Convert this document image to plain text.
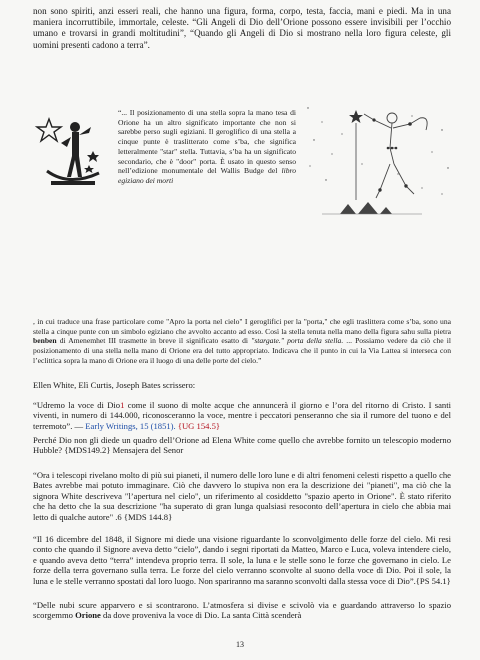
non sono spiriti, anzi esseri reali, che hanno una figura, forma, corpo, testa, faccia, mani e piedi. Ma in una maniera incorruttibile, immortale, celeste. “Gli Angeli di Dio dell’Orione possono essere invisibili per l’occhio umano e trovarsi in grandi moltitudini”, “Quando gli Angeli di Dio si mostrano nella loro figura celeste, gli uomini presenti cadono a terra”.

“... Il posizionamento di una stella sopra la mano tesa di Orione ha un altro significato importante che non si sarebbe perso sugli egiziani. Il geroglifico di una stella a cinque punte è traslitterato come s’ba, che significa letteralmente "star" stella. Tuttavia, s’ba ha un significato secondario, che è "door" porta. È usato in questo senso nell’edizione monumentale del Wallis Budge del libro egiziano dei morti

, in cui traduce una frase particolare come "Apro la porta nel cielo" I geroglifici per la "porta," che egli traslittera come s’ba, sono una stella a cinque punte con un simbolo egiziano che avvolto accanto ad esso. Così la stella tenuta nella mano della figura sahu sulla pietra benben di Amenemhet III trasmette in breve il significato esatto di "stargate." porta della stella. ... Possiamo vedere da ciò che il posizionamento di una stella nella mano di Orione era del tutto appropriato. Indicava che il punto in cui la Via Lattea si interseca con l’eclittica sopra la mano di Orione era il luogo di una delle porte del cielo.”

Ellen White, Elì Curtis, Joseph Bates scrissero:

“Udremo la voce di Dio1 come il suono di molte acque che annuncerà il giorno e l’ora del ritorno di Cristo. I santi viventi, in numero di 144.000, riconosceranno la voce, mentre i peccatori penseranno che sia il rumore del tuono e del terremoto”. — Early Writings, 15 (1851). {UG 154.5}

Perché Dio non gli diede un quadro dell’Orione ad Elena White come quello che avrebbe fornito un telescopio moderno Hubble? {MDS149.2} Mensajera del Senor

“Ora i telescopi rivelano molto di più sui pianeti, il numero delle loro lune e di altri fenomeni celesti rispetto a quello che Bates avrebbe mai potuto immaginare. Ciò che davvero lo stupiva non era la descrizione dei "pianeti", ma ciò che la signora White descriveva "l’apertura nel cielo", un riferimento al cosiddetto "spazio aperto in Orione". È stato riferito che ha detto che la sua descrizione "ha superato di gran lunga qualsiasi resoconto dell’apertura in cielo che abbia mai letto di qualche autore" .6 {MDS 144.8}

“Il 16 dicembre del 1848, il Signore mi diede una visione riguardante lo sconvolgimento delle forze del cielo. Mi resi conto che quando il Signore aveva detto “cielo”, dando i segni riportati da Matteo, Marco e Luca, voleva intendere cielo, e quando aveva detto “terra” intendeva proprio terra. Il sole, la luna e le stelle sono le forze che governano in cielo. Le forze della terra governano sulla terra. Le forze del cielo verranno sconvolte al suono della voce di Dio. Poi il sole, la luna e le stelle verranno spostati dal loro luogo. Non spariranno ma saranno sconvolti dalla stessa voce di Dio”.{PS 54.1}

“Delle nubi scure apparvero e si scontrarono. L’atmosfera si divise e scivolò via e guardando attraverso lo spazio scorgemmo Orione da dove proveniva la voce di Dio. La santa Città scenderà

13
